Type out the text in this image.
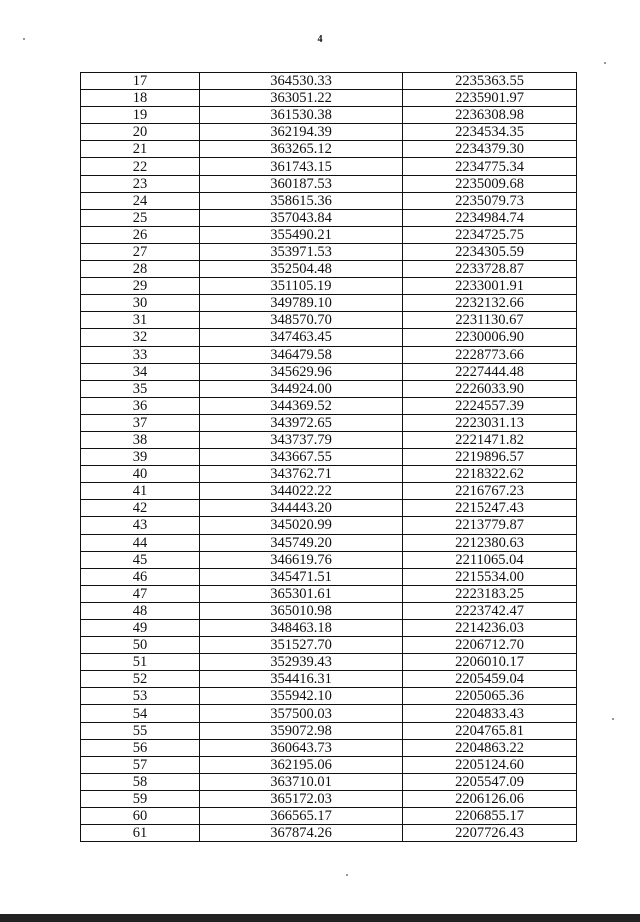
4
17	364530.33	2235363.55
18	363051.22	2235901.97
19	361530.38	2236308.98
20	362194.39	2234534.35
21	363265.12	2234379.30
22	361743.15	2234775.34
23	360187.53	2235009.68
24	358615.36	2235079.73
25	357043.84	2234984.74
26	355490.21	2234725.75
27	353971.53	2234305.59
28	352504.48	2233728.87
29	351105.19	2233001.91
30	349789.10	2232132.66
31	348570.70	2231130.67
32	347463.45	2230006.90
33	346479.58	2228773.66
34	345629.96	2227444.48
35	344924.00	2226033.90
36	344369.52	2224557.39
37	343972.65	2223031.13
38	343737.79	2221471.82
39	343667.55	2219896.57
40	343762.71	2218322.62
41	344022.22	2216767.23
42	344443.20	2215247.43
43	345020.99	2213779.87
44	345749.20	2212380.63
45	346619.76	2211065.04
46	345471.51	2215534.00
47	365301.61	2223183.25
48	365010.98	2223742.47
49	348463.18	2214236.03
50	351527.70	2206712.70
51	352939.43	2206010.17
52	354416.31	2205459.04
53	355942.10	2205065.36
54	357500.03	2204833.43
55	359072.98	2204765.81
56	360643.73	2204863.22
57	362195.06	2205124.60
58	363710.01	2205547.09
59	365172.03	2206126.06
60	366565.17	2206855.17
61	367874.26	2207726.43
